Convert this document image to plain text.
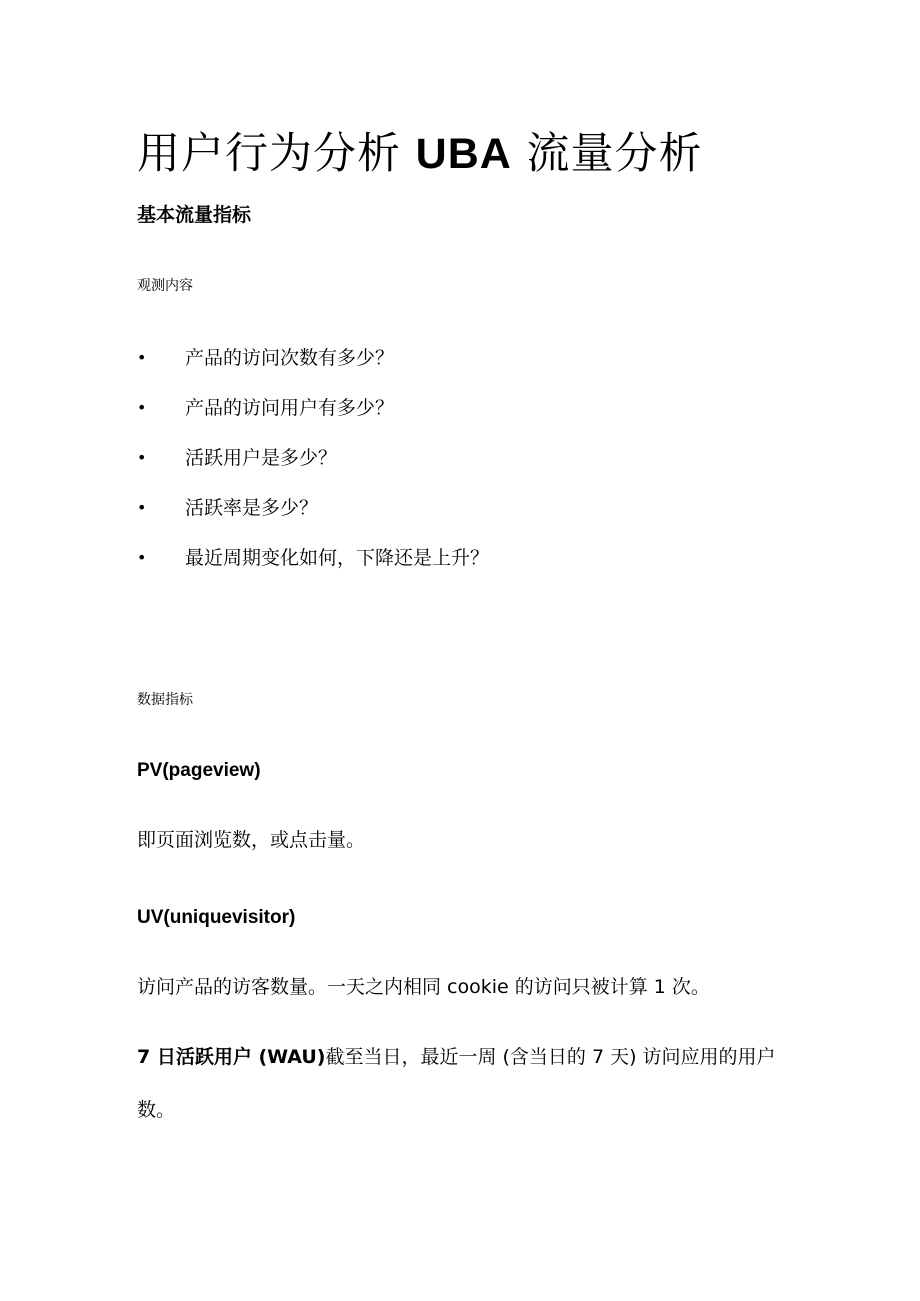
用户行为分析 UBA 流量分析
基本流量指标
观测内容
• 产品的访问次数有多少？
• 产品的访问用户有多少？
• 活跃用户是多少？
• 活跃率是多少？
• 最近周期变化如何，下降还是上升？
数据指标
PV(pageview)
即页面浏览数，或点击量。
UV(uniquevisitor)
访问产品的访客数量。一天之内相同 cookie 的访问只被计算 1 次。
7 日活跃用户 (WAU)截至当日，最近一周 (含当日的 7 天) 访问应用的用户数。
